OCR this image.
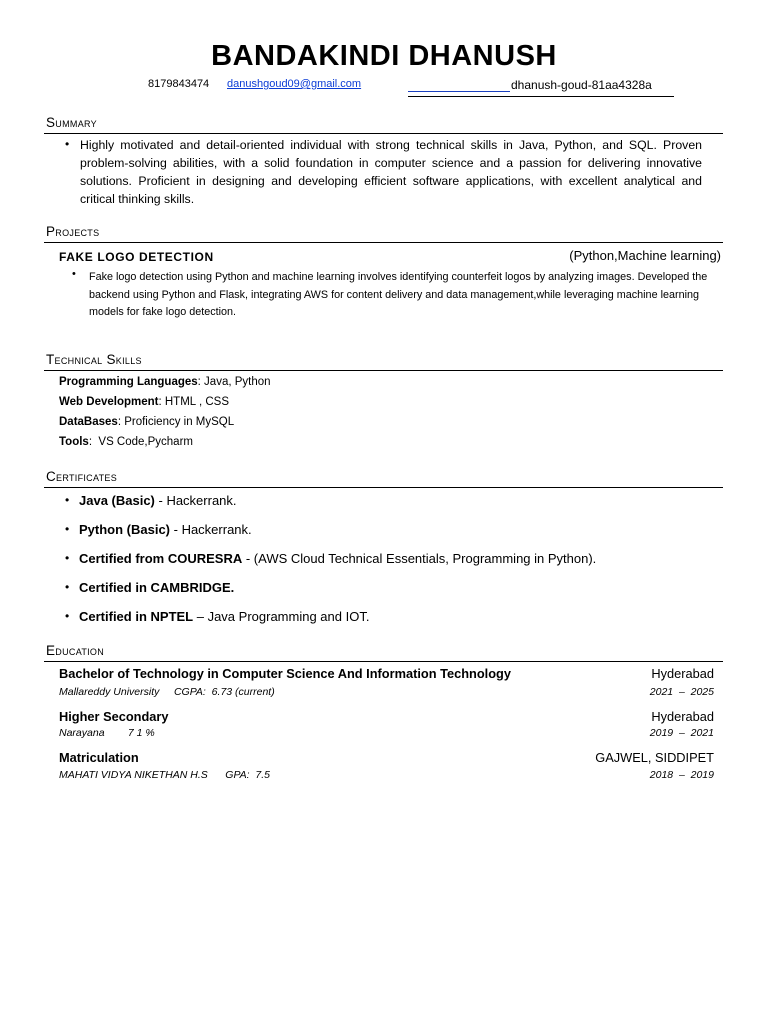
BANDAKINDI DHANUSH
8179843474 danushgoud09@gmail.com	dhanush-goud-81aa4328a
Summary
• Highly motivated and detail-oriented individual with strong technical skills in Java, Python, and SQL. Proven problem-solving abilities, with a solid foundation in computer science and a passion for delivering innovative solutions. Proficient in designing and developing efficient software applications, with excellent analytical and critical thinking skills.
Projects
FAKE LOGO DETECTION	(Python,Machine learning)
• Fake logo detection using Python and machine learning involves identifying counterfeit logos by analyzing images. Developed the backend using Python and Flask, integrating AWS for content delivery and data management,while leveraging machine learning models for fake logo detection.
Technical Skills
Programming Languages: Java, Python
Web Development: HTML , CSS
DataBases: Proficiency in MySQL
Tools:  VS Code,Pycharm
Certificates
• Java (Basic) - Hackerrank.
• Python (Basic) - Hackerrank.
• Certified from COURESRA - (AWS Cloud Technical Essentials, Programming in Python).
• Certified in CAMBRIDGE.
• Certified in NPTEL – Java Programming and IOT.
Education
Bachelor of Technology in Computer Science And Information Technology	Hyderabad
Mallareddy University     CGPA:  6.73 (current)	2021  –  2025
Higher Secondary	Hyderabad
Narayana        7 1 %	2019  –  2021
Matriculation	GAJWEL, SIDDIPET
MAHATI VIDYA NIKETHAN H.S      GPA:  7.5	2018  –  2019
